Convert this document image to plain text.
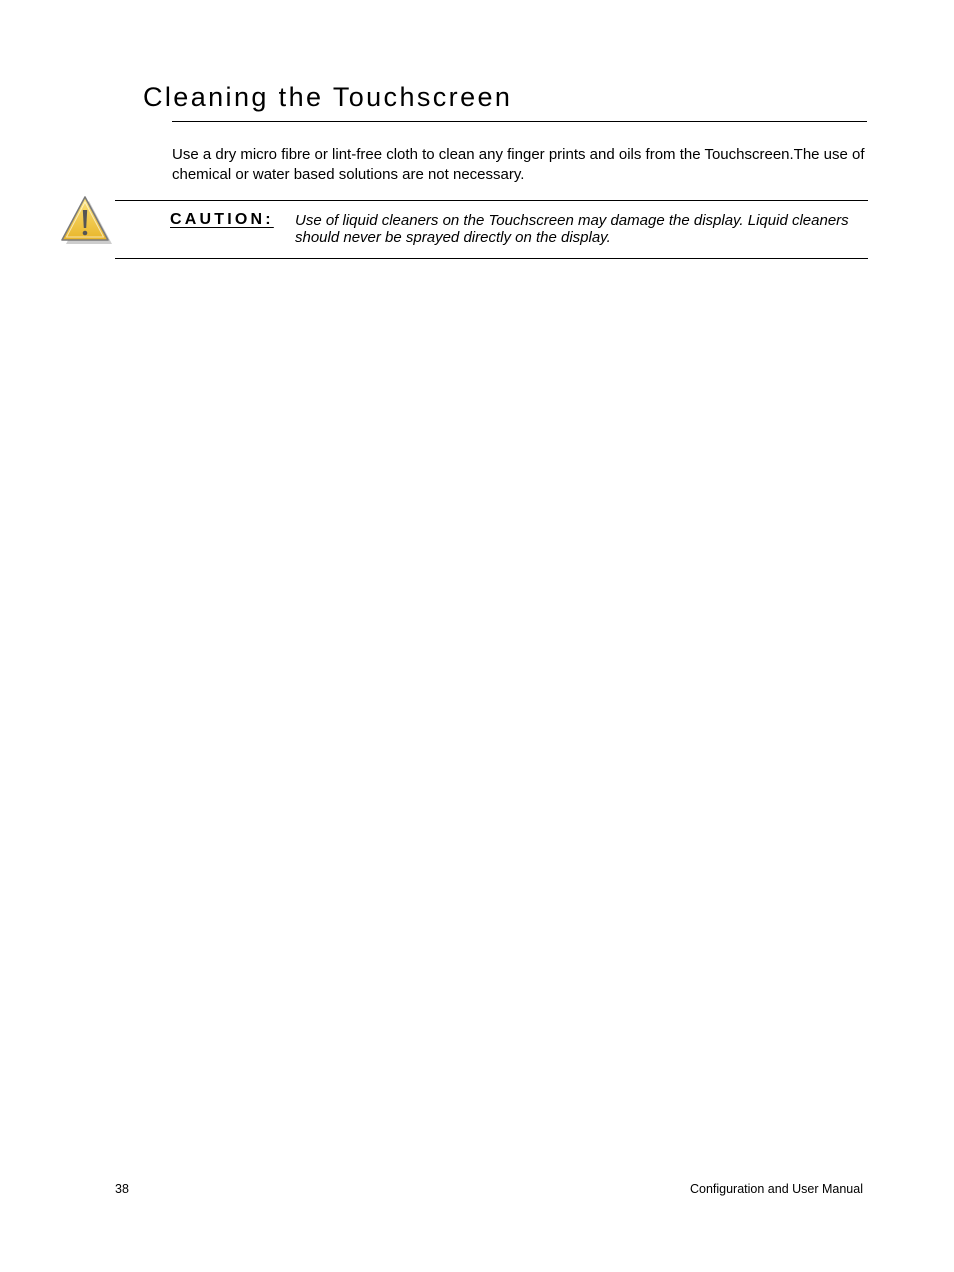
Cleaning the Touchscreen

Use a dry micro fibre or lint-free cloth to clean any finger prints and oils from the Touchscreen.The use of chemical or water based solutions are not necessary.

CAUTION: Use of liquid cleaners on the Touchscreen may damage the display. Liquid cleaners should never be sprayed directly on the display.

38	Configuration and User Manual
